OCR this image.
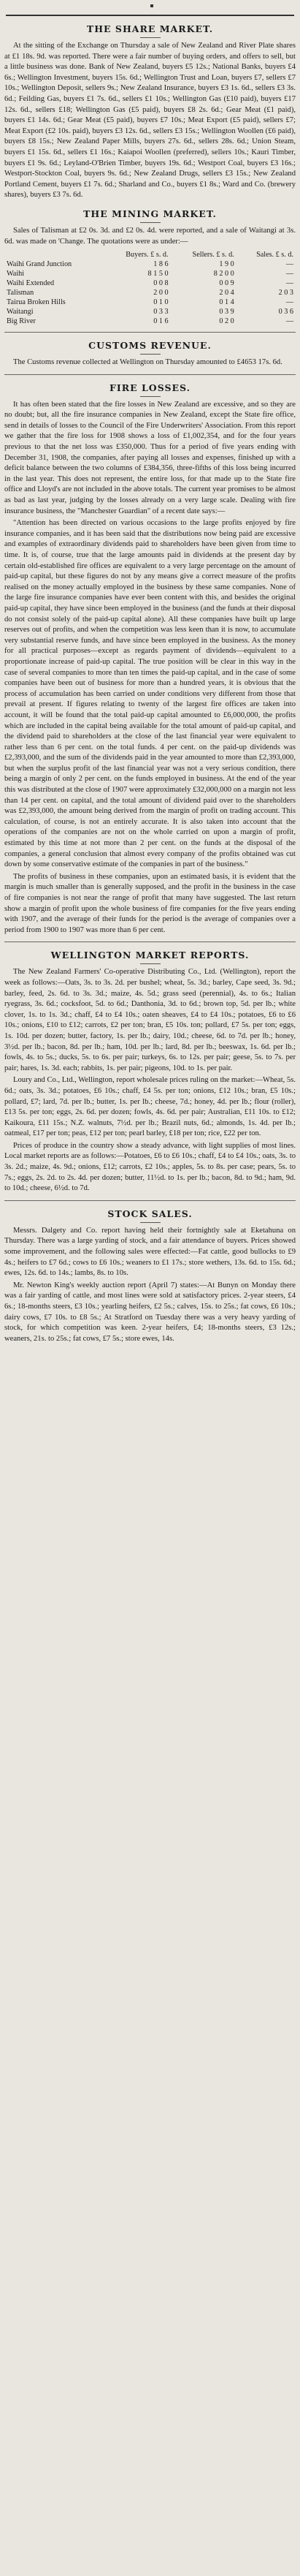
THE SHARE MARKET.

At the sitting of the Exchange on Thursday a sale of New Zealand and River Plate shares at £1 18s. 9d. was reported. There were a fair number of buying orders, and offers to sell, but a little business was done. Bank of New Zealand, buyers £5 12s.; National Banks, buyers £4 6s.; Wellington Investment, buyers 15s. 6d.; Wellington Trust and Loan, buyers £7, sellers £7 10s.; Wellington Deposit, sellers 9s.; New Zealand Insurance, buyers £3 1s. 6d., sellers £3 3s. 6d.; Feilding Gas, buyers £1 7s. 6d., sellers £1 10s.; Wellington Gas (£10 paid), buyers £17 12s. 6d., sellers £18; Wellington Gas (£5 paid), buyers £8 2s. 6d.; Gear Meat (£1 paid), buyers £1 14s. 6d.; Gear Meat (£5 paid), buyers £7 10s.; Meat Export (£5 paid), sellers £7; Meat Export (£2 10s. paid), buyers £3 12s. 6d., sellers £3 15s.; Wellington Woollen (£6 paid), buyers £8 15s.; New Zealand Paper Mills, buyers 27s. 6d., sellers 28s. 6d.; Union Steam, buyers £1 15s. 6d., sellers £1 16s.; Kaiapoi Woollen (preferred), sellers 10s.; Kauri Timber, buyers £1 9s. 6d.; Leyland-O'Brien Timber, buyers 19s. 6d.; Westport Coal, buyers £3 16s.; Westport-Stockton Coal, buyers 9s. 6d.; New Zealand Drugs, sellers £3 15s.; New Zealand Portland Cement, buyers £1 7s. 6d.; Sharland and Co., buyers £1 8s.; Ward and Co. (brewery shares), buyers £3 7s. 6d.

THE MINING MARKET.

Sales of Talisman at £2 0s. 3d. and £2 0s. 4d. were reported, and a sale of Waitangi at 3s. 6d. was made on 'Change. The quotations were as under:—

	Buyers. £ s. d.	Sellers. £ s. d.	Sales. £ s. d.
Waihi Grand Junction	1 8 6	1 9 0	—
Waihi	8 1 5 0	8 2 0 0	—
Waihi Extended	0 0 8	0 0 9	—
Talisman	2 0 0	2 0 4	2 0 3
Tairua Broken Hills	0 1 0	0 1 4	—
Waitangi	0 3 3	0 3 9	0 3 6
Big River	0 1 6	0 2 0	—
CUSTOMS REVENUE.

The Customs revenue collected at Wellington on Thursday amounted to £4653 17s. 6d.

FIRE LOSSES.

It has often been stated that the fire losses in New Zealand are excessive, and so they are no doubt; but, all the fire insurance companies in New Zealand, except the State fire office, send in details of losses to the Council of the Fire Underwriters' Association. From this report we gather that the fire loss for 1908 shows a loss of £1,002,354, and for the four years previous to that the net loss was £350,000. Thus for a period of five years ending with December 31, 1908, the companies, after paying all losses and expenses, finished up with a deficit balance between the two columns of £384,356, three-fifths of this loss being incurred in the last year. This does not represent, the entire loss, for that made up to the State fire office and Lloyd's are not included in the above totals. The current year promises to be almost as bad as last year, judging by the losses already on a very large scale. Dealing with fire insurance business, the "Manchester Guardian" of a recent date says:—

"Attention has been directed on various occasions to the large profits enjoyed by fire insurance companies, and it has been said that the distributions now being paid are excessive and examples of extraordinary dividends paid to shareholders have been given from time to time. It is, of course, true that the large amounts paid in dividends at the present day by certain old-established fire offices are equivalent to a very large percentage on the amount of paid-up capital, but these figures do not by any means give a correct measure of the profits realised on the money actually employed in the business by these same companies. None of the large fire insurance companies have ever been content with this, and besides the original paid-up capital, they have since been employed in the business (and the funds at their disposal do not consist solely of the paid-up capital alone). All these companies have built up large reserves out of profits, and when the competition was less keen than it is now, to accumulate very substantial reserve funds, and have since been employed in the business. As the money for all practical purposes—except as regards payment of dividends—equivalent to a proportionate increase of paid-up capital. The true position will be clear in this way in the case of several companies to more than ten times the paid-up capital, and in the case of some companies have been out of business for more than a hundred years, it is obvious that the process of accumulation has been carried on under conditions very different from those that prevail at present. If figures relating to twenty of the largest fire offices are taken into account, it will be found that the total paid-up capital amounted to £6,000,000, the profits which are included in the capital being available for the total amount of paid-up capital, and the dividend paid to shareholders at the close of the last financial year were equivalent to rather less than 6 per cent. on the total funds. 4 per cent. on the paid-up dividends was £2,393,000, and the sum of the dividends paid in the year amounted to more than £2,393,000, but when the surplus profit of the last financial year was not a very serious condition, there being a margin of only 2 per cent. on the funds employed in business. At the end of the year this was distributed at the close of 1907 were approximately £32,000,000 on a margin not less than 14 per cent. on capital, and the total amount of dividend paid over to the shareholders was £2,393,000, the amount being derived from the margin of profit on trading account. This calculation, of course, is not an entirely accurate. It is also taken into account that the operations of the companies are not on the whole carried on upon a margin of profit, estimated by this time at not more than 2 per cent. on the funds at the disposal of the companies, a general conclusion that almost every company of the profits obtained was cut down by some conservative estimate of the companies in part of the business."

The profits of business in these companies, upon an estimated basis, it is evident that the margin is much smaller than is generally supposed, and the profit in the business in the case of fire companies is not near the range of profit that many have suggested. The last return show a margin of profit upon the whole business of fire companies for the five years ending with 1907, and the average of their funds for the period is the average of companies over a period from 1900 to 1907 was more than 6 per cent.

WELLINGTON MARKET REPORTS.

The New Zealand Farmers' Co-operative Distributing Co., Ltd. (Wellington), report the week as follows:—Oats, 3s. to 3s. 2d. per bushel; wheat, 5s. 3d.; barley, Cape seed, 3s. 9d.; barley, feed, 2s. 6d. to 3s. 3d.; maize, 4s. 5d.; grass seed (perennial), 4s. to 6s.; Italian ryegrass, 3s. 6d.; cocksfoot, 5d. to 6d.; Danthonia, 3d. to 6d.; brown top, 5d. per lb.; white clover, 1s. to 1s. 3d.; chaff, £4 to £4 10s.; oaten sheaves, £4 to £4 10s.; potatoes, £6 to £6 10s.; onions, £10 to £12; carrots, £2 per ton; bran, £5 10s. ton; pollard, £7 5s. per ton; eggs, 1s. 10d. per dozen; butter, factory, 1s. per lb.; dairy, 10d.; cheese, 6d. to 7d. per lb.; honey, 3½d. per lb.; bacon, 8d. per lb.; ham, 10d. per lb.; lard, 8d. per lb.; beeswax, 1s. 6d. per lb.; fowls, 4s. to 5s.; ducks, 5s. to 6s. per pair; turkeys, 6s. to 12s. per pair; geese, 5s. to 7s. per pair; hares, 1s. 3d. each; rabbits, 1s. per pair; pigeons, 10d. to 1s. per pair.

Loury and Co., Ltd., Wellington, report wholesale prices ruling on the market:—Wheat, 5s. 6d.; oats, 3s. 3d.; potatoes, £6 10s.; chaff, £4 5s. per ton; onions, £12 10s.; bran, £5 10s.; pollard, £7; lard, 7d. per lb.; butter, 1s. per lb.; cheese, 7d.; honey, 4d. per lb.; flour (roller), £13 5s. per ton; eggs, 2s. 6d. per dozen; fowls, 4s. 6d. per pair; Australian, £11 10s. to £12; Kaikoura, £11 15s.; N.Z. walnuts, 7½d. per lb.; Brazil nuts, 6d.; almonds, 1s. 4d. per lb.; oatmeal, £17 per ton; peas, £12 per ton; pearl barley, £18 per ton; rice, £22 per ton.

Prices of produce in the country show a steady advance, with light supplies of most lines. Local market reports are as follows:—Potatoes, £6 to £6 10s.; chaff, £4 to £4 10s.; oats, 3s. to 3s. 2d.; maize, 4s. 9d.; onions, £12; carrots, £2 10s.; apples, 5s. to 8s. per case; pears, 5s. to 7s.; eggs, 2s. 2d. to 2s. 4d. per dozen; butter, 11½d. to 1s. per lb.; bacon, 8d. to 9d.; ham, 9d. to 10d.; cheese, 6½d. to 7d.

STOCK SALES.

Messrs. Dalgety and Co. report having held their fortnightly sale at Eketahuna on Thursday. There was a large yarding of stock, and a fair attendance of buyers. Prices showed some improvement, and the following sales were effected:—Fat cattle, good bullocks to £9 4s.; heifers to £7 6d.; cows to £6 10s.; weaners to £1 17s.; store wethers, 13s. 6d. to 15s. 6d.; ewes, 12s. 6d. to 14s.; lambs, 8s. to 10s.

Mr. Newton King's weekly auction report (April 7) states:—At Bunyn on Monday there was a fair yarding of cattle, and most lines were sold at satisfactory prices. 2-year steers, £4 6s.; 18-months steers, £3 10s.; yearling heifers, £2 5s.; calves, 15s. to 25s.; fat cows, £6 10s.; dairy cows, £7 10s. to £8 5s.; At Stratford on Tuesday there was a very heavy yarding of stock, for which competition was keen. 2-year heifers, £4; 18-months steers, £3 12s.; weaners, 21s. to 25s.; fat cows, £7 5s.; store ewes, 14s.
